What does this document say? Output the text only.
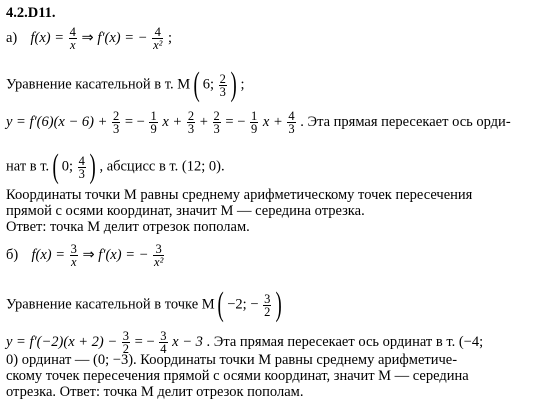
4.2.D11.
а) $f(x) = \frac{4}{x}$ ⇒ f′(x) = − $\frac{4}{\text{x²}}$ ;
Уравнение касательной в т. M ( 6; $\frac{2}{3}$ ) ;
$y = f'(6)(x - 6) + \frac{2}{3}$ = − $\frac{1}{9}$ $x + \frac{2}{3} + \frac{2}{3}$ = − $\frac{1}{9}$ $x + \frac{4}{3}$ . Эта прямая пересекает ось орди-
нат в т. ( 0; $\frac{4}{3}$ ) , абсцисс в т. (12; 0).
Координаты точки M равны среднему арифметическому точек пересечения
прямой с осями координат, значит M — середина отрезка.
Ответ: точка M делит отрезок пополам.
б) $f(x) = \frac{3}{x}$ ⇒ f′(x) = − $\frac{3}{\text{x²}}$
Уравнение касательной в точке M ( −2; − $\frac{3}{2}$ )
$y = f'(-2)(x + 2) - \frac{3}{2}$ = − $\frac{3}{4}$ x − 3 . Эта прямая пересекает ось ординат в т. (−4;
0) ординат — (0; −3). Координаты точки M равны среднему арифметиче-
скому точек пересечения прямой с осями координат, значит M — середина
отрезка. Ответ: точка M делит отрезок пополам.
